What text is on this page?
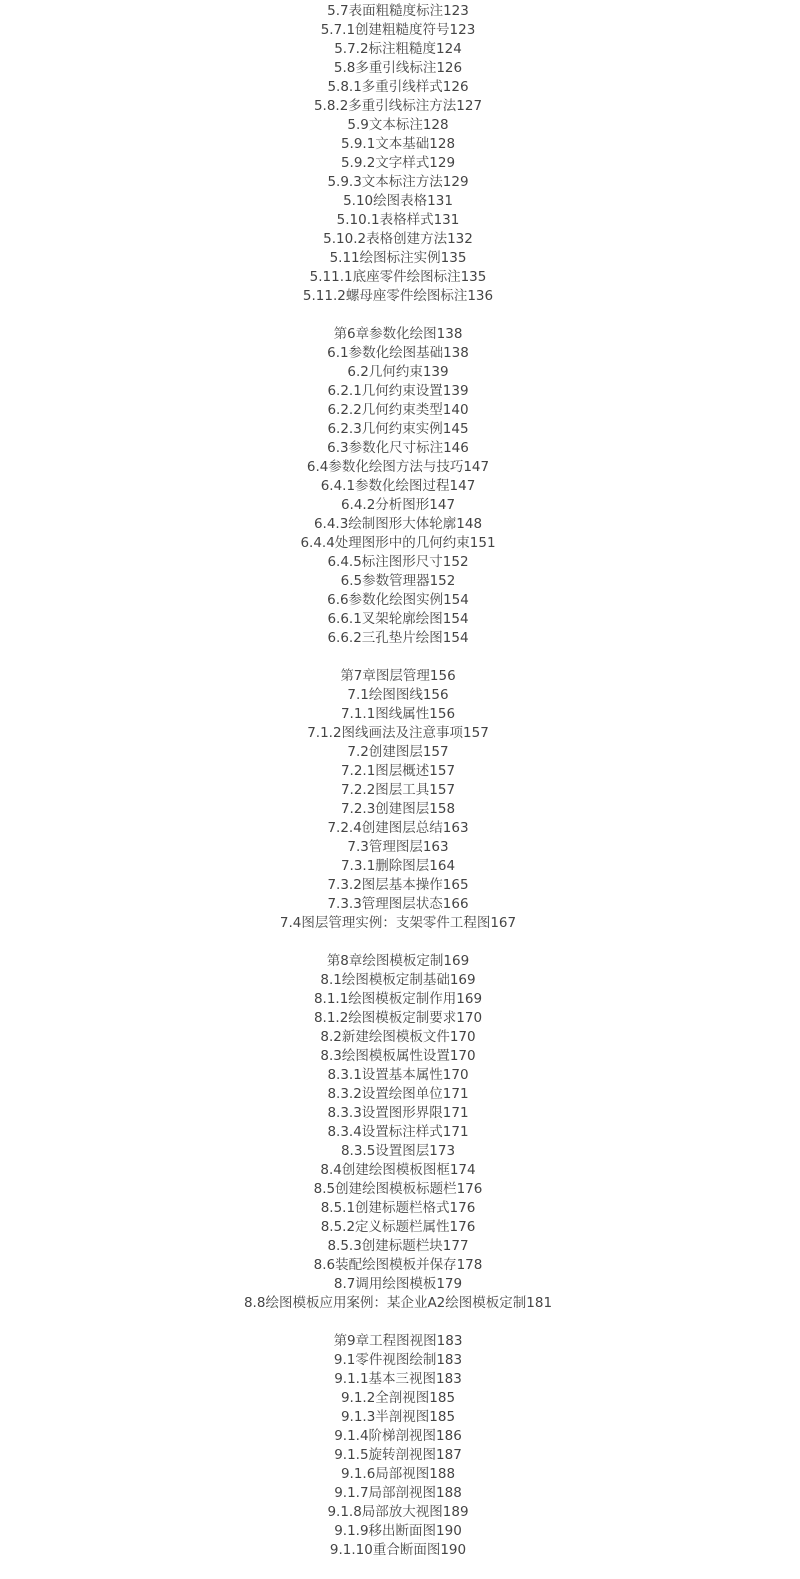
5.7表面粗糙度标注123
5.7.1创建粗糙度符号123
5.7.2标注粗糙度124
5.8多重引线标注126
5.8.1多重引线样式126
5.8.2多重引线标注方法127
5.9文本标注128
5.9.1文本基础128
5.9.2文字样式129
5.9.3文本标注方法129
5.10绘图表格131
5.10.1表格样式131
5.10.2表格创建方法132
5.11绘图标注实例135
5.11.1底座零件绘图标注135
5.11.2螺母座零件绘图标注136
第6章参数化绘图138
6.1参数化绘图基础138
6.2几何约束139
6.2.1几何约束设置139
6.2.2几何约束类型140
6.2.3几何约束实例145
6.3参数化尺寸标注146
6.4参数化绘图方法与技巧147
6.4.1参数化绘图过程147
6.4.2分析图形147
6.4.3绘制图形大体轮廓148
6.4.4处理图形中的几何约束151
6.4.5标注图形尺寸152
6.5参数管理器152
6.6参数化绘图实例154
6.6.1叉架轮廓绘图154
6.6.2三孔垫片绘图154
第7章图层管理156
7.1绘图图线156
7.1.1图线属性156
7.1.2图线画法及注意事项157
7.2创建图层157
7.2.1图层概述157
7.2.2图层工具157
7.2.3创建图层158
7.2.4创建图层总结163
7.3管理图层163
7.3.1删除图层164
7.3.2图层基本操作165
7.3.3管理图层状态166
7.4图层管理实例：支架零件工程图167
第8章绘图模板定制169
8.1绘图模板定制基础169
8.1.1绘图模板定制作用169
8.1.2绘图模板定制要求170
8.2新建绘图模板文件170
8.3绘图模板属性设置170
8.3.1设置基本属性170
8.3.2设置绘图单位171
8.3.3设置图形界限171
8.3.4设置标注样式171
8.3.5设置图层173
8.4创建绘图模板图框174
8.5创建绘图模板标题栏176
8.5.1创建标题栏格式176
8.5.2定义标题栏属性176
8.5.3创建标题栏块177
8.6装配绘图模板并保存178
8.7调用绘图模板179
8.8绘图模板应用案例：某企业A2绘图模板定制181
第9章工程图视图183
9.1零件视图绘制183
9.1.1基本三视图183
9.1.2全剖视图185
9.1.3半剖视图185
9.1.4阶梯剖视图186
9.1.5旋转剖视图187
9.1.6局部视图188
9.1.7局部剖视图188
9.1.8局部放大视图189
9.1.9移出断面图190
9.1.10重合断面图190
